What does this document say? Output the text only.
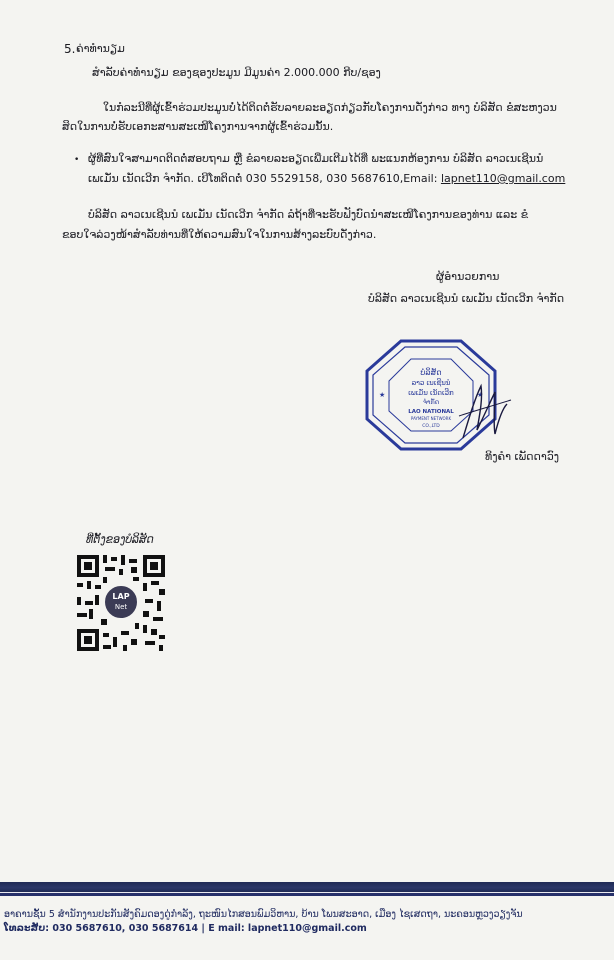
5. ຄ່າທຳນຽມ
ສຳລັບຄ່າທຳນຽມ ຂອງຊອງປະມູນ ມີມູນຄ່າ 2.000.000 ກີບ/ຊອງ
ໃນກໍລະນີທີ່ຜູ້ເຂົ້າຮ່ວມປະມູນບໍ່ໄດ້ຕິດຕໍ່ຮັບລາຍລະອຽດກ່ຽວກັບໂຄງການດັ່ງກ່າວ ທາງ ບໍລິສັດ ຂໍສະຫງວນ
ສິດໃນການບໍ່ຮັບເອກະສານສະເໜີໂຄງການຈາກຜູ້ເຂົ້າຮ່ວມນັ້ນ.
• ຜູ້ທີ່ສົນໃຈສາມາດຕິດຕໍ່ສອບຖາມ ຫຼື ຂໍລາຍລະອຽດເພີ່ມເຕີມໄດ້ທີ່ ພະແນກຫ້ອງການ ບໍລິສັດ ລາວເນເຊີນນໍ
ເພເມັ່ນ ເນັດເວີກ ຈຳກັດ. ເບີໂທຕິດຕໍ່ 030 5529158, 030 5687610,Email: lapnet110@gmail.com
ບໍລິສັດ ລາວເນເຊີນນໍ ເພເມັ່ນ ເນັດເວີກ ຈຳກັດ ລໍຖ້າທີ່ຈະຮັບຟັງບົດນຳສະເໜີໂຄງການຂອງທ່ານ ແລະ ຂໍ
ຂອບໃຈລ່ວງໜ້າສຳລັບທ່ານທີ່ໃຫ້ຄວາມສົນໃຈໃນການສ້າງລະບົບດັ່ງກ່າວ.
ຜູ້ອຳນວຍການ
ບໍລິສັດ ລາວເນເຊີນນໍ ເພເມັ່ນ ເນັດເວີກ ຈຳກັດ
★	★
ບໍລິສັດ
ລາວ ເນເຊີນນໍ
ເພເມັ່ນ ເນັດເວີກ
ຈຳກັດ
LAO NATIONAL
PAYMENT NETWORK
CO.,LTD
ທິງຄຳ ເພັດດາວົງ
ທີ່ຕັ້ງຂອງບໍລິສັດ
LAP
Net
ອາຄານຊັ້ນ 5 ສຳນັກງານປະກັນສັງຄົມດອງດູ່ກຳລັງ, ຖະໜົນໄກສອນພົມວິຫານ, ບ້ານ ໂພນສະອາດ, ເມືອງ ໄຊເສດຖາ, ນະຄອນຫຼວງວຽງຈັນ
ໂທລະສັບ: 030 5687610, 030 5687614 | E mail: lapnet110@gmail.com
